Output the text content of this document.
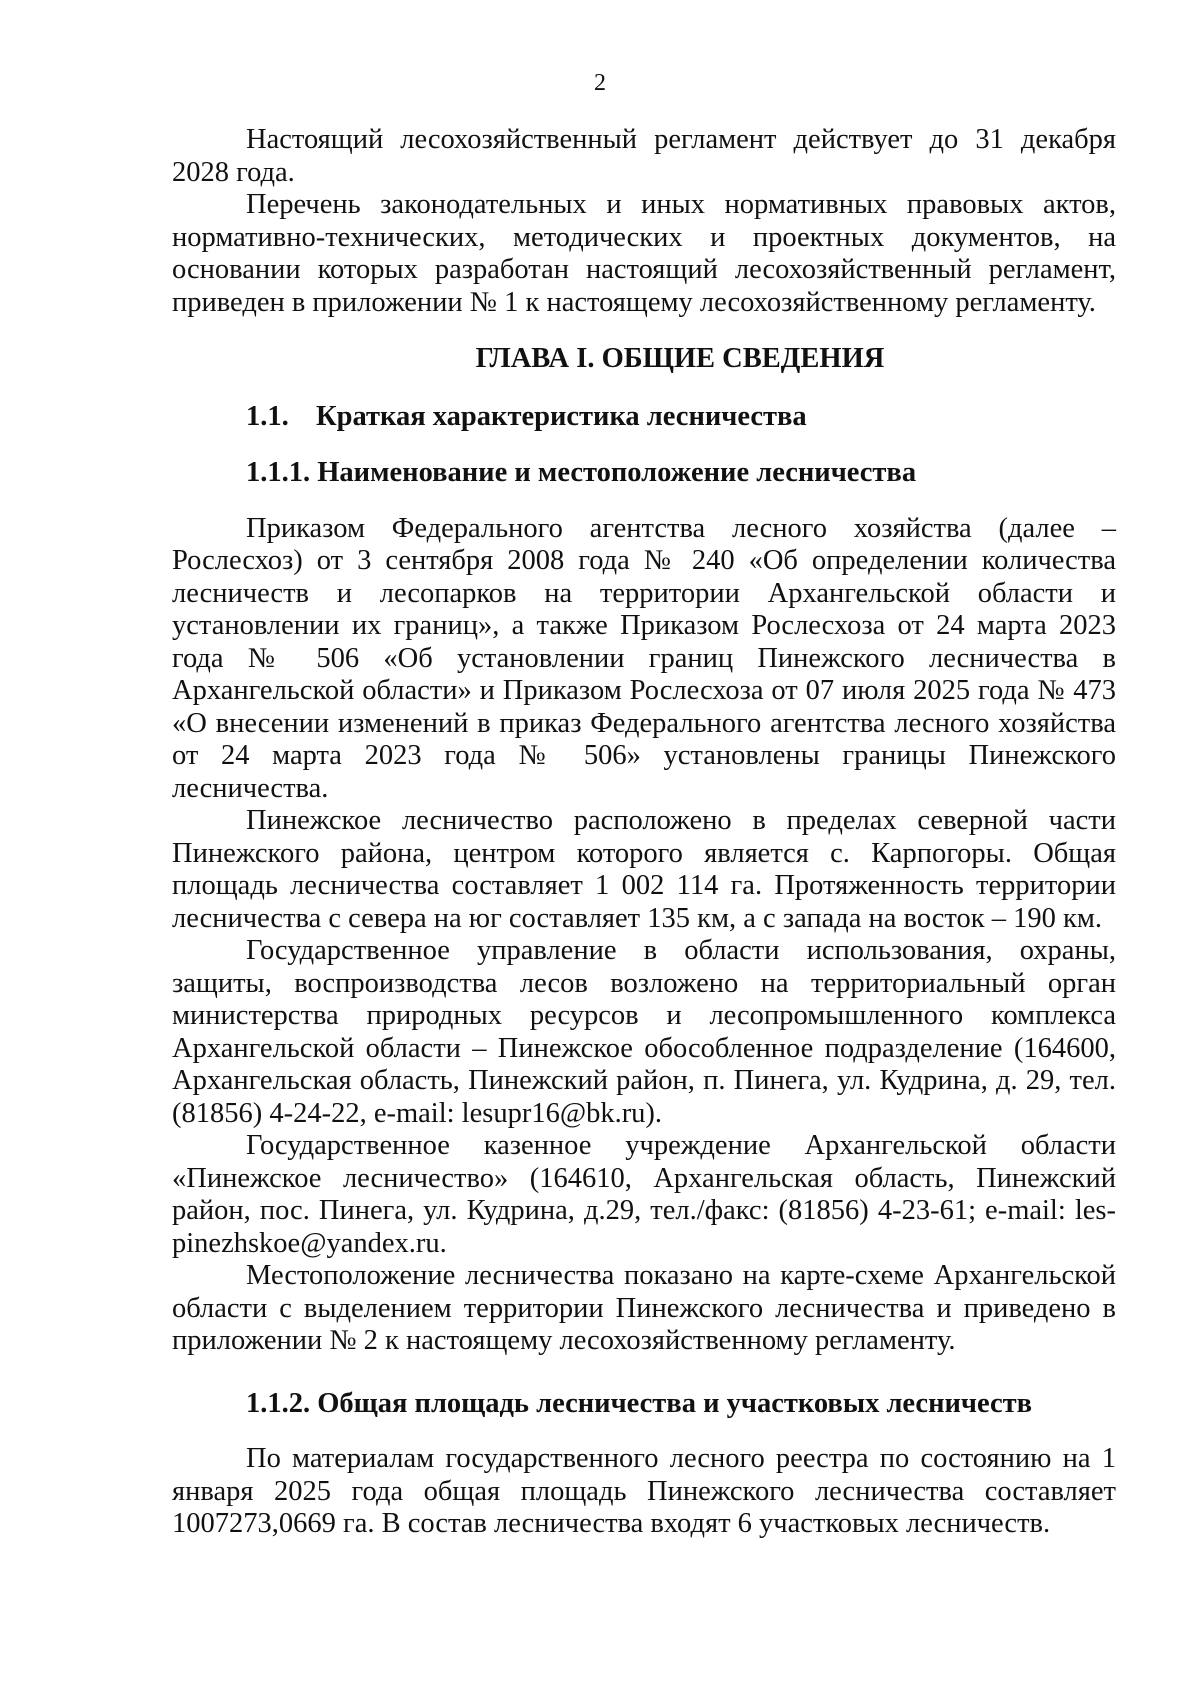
2

Настоящий лесохозяйственный регламент действует до 31 декабря 2028 года.

Перечень законодательных и иных нормативных правовых актов, нормативно-технических, методических и проектных документов, на основании которых разработан настоящий лесохозяйственный регламент, приведен в приложении № 1 к настоящему лесохозяйственному регламенту.

ГЛАВА I. ОБЩИЕ СВЕДЕНИЯ
1.1. Краткая характеристика лесничества
1.1.1. Наименование и местоположение лесничества

Приказом Федерального агентства лесного хозяйства (далее – Рослесхоз) от 3 сентября 2008 года № 240 «Об определении количества лесничеств и лесопарков на территории Архангельской области и установлении их границ», а также Приказом Рослесхоза от 24 марта 2023 года № 506 «Об установлении границ Пинежского лесничества в Архангельской области» и Приказом Рослесхоза от 07 июля 2025 года № 473 «О внесении изменений в приказ Федерального агентства лесного хозяйства от 24 марта 2023 года № 506» установлены границы Пинежского лесничества.

Пинежское лесничество расположено в пределах северной части Пинежского района, центром которого является с. Карпогоры. Общая площадь лесничества составляет 1 002 114 га. Протяженность территории лесничества с севера на юг составляет 135 км, а с запада на восток – 190 км.

Государственное управление в области использования, охраны, защиты, воспроизводства лесов возложено на территориальный орган министерства природных ресурсов и лесопромышленного комплекса Архангельской области – Пинежское обособленное подразделение (164600, Архангельская область, Пинежский район, п. Пинега, ул. Кудрина, д. 29, тел. (81856) 4-24-22, e-mail: lesupr16@bk.ru).

Государственное казенное учреждение Архангельской области «Пинежское лесничество» (164610, Архангельская область, Пинежский район, пос. Пинега, ул. Кудрина, д.29, тел./факс: (81856) 4-23-61; e-mail: les-pinezhskoe@yandex.ru.

Местоположение лесничества показано на карте-схеме Архангельской области с выделением территории Пинежского лесничества и приведено в приложении № 2 к настоящему лесохозяйственному регламенту.

1.1.2. Общая площадь лесничества и участковых лесничеств

По материалам государственного лесного реестра по состоянию на 1 января 2025 года общая площадь Пинежского лесничества составляет 1007273,0669 га. В состав лесничества входят 6 участковых лесничеств.
